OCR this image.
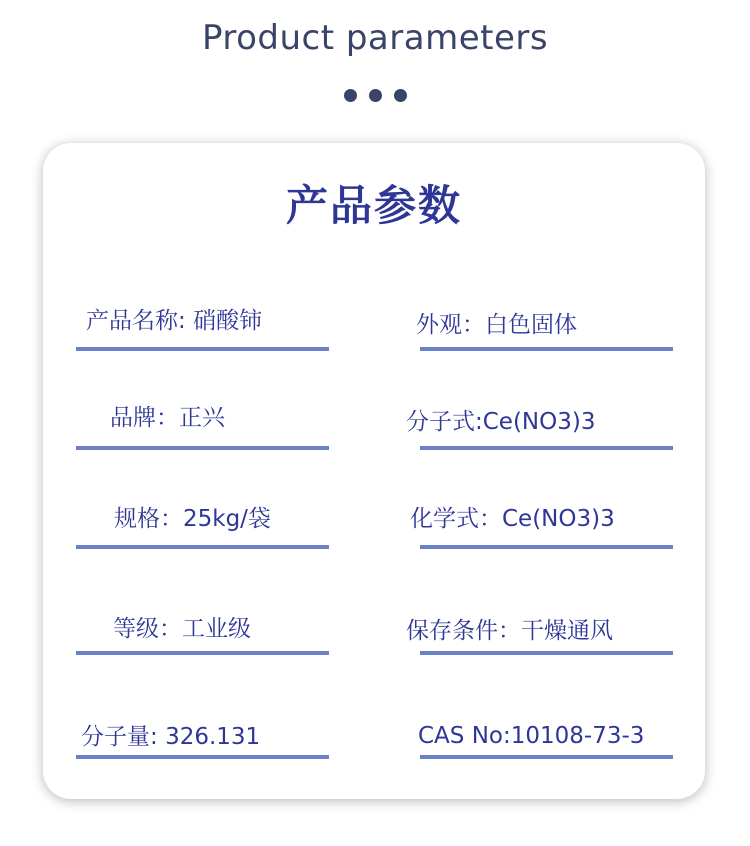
Product parameters
产品参数
产品名称: 硝酸铈	外观：白色固体
品牌：正兴	分子式:Ce(NO3)3
规格：25kg/袋	化学式：Ce(NO3)3
等级：工业级	保存条件：干燥通风
分子量: 326.131	CAS No:10108-73-3
